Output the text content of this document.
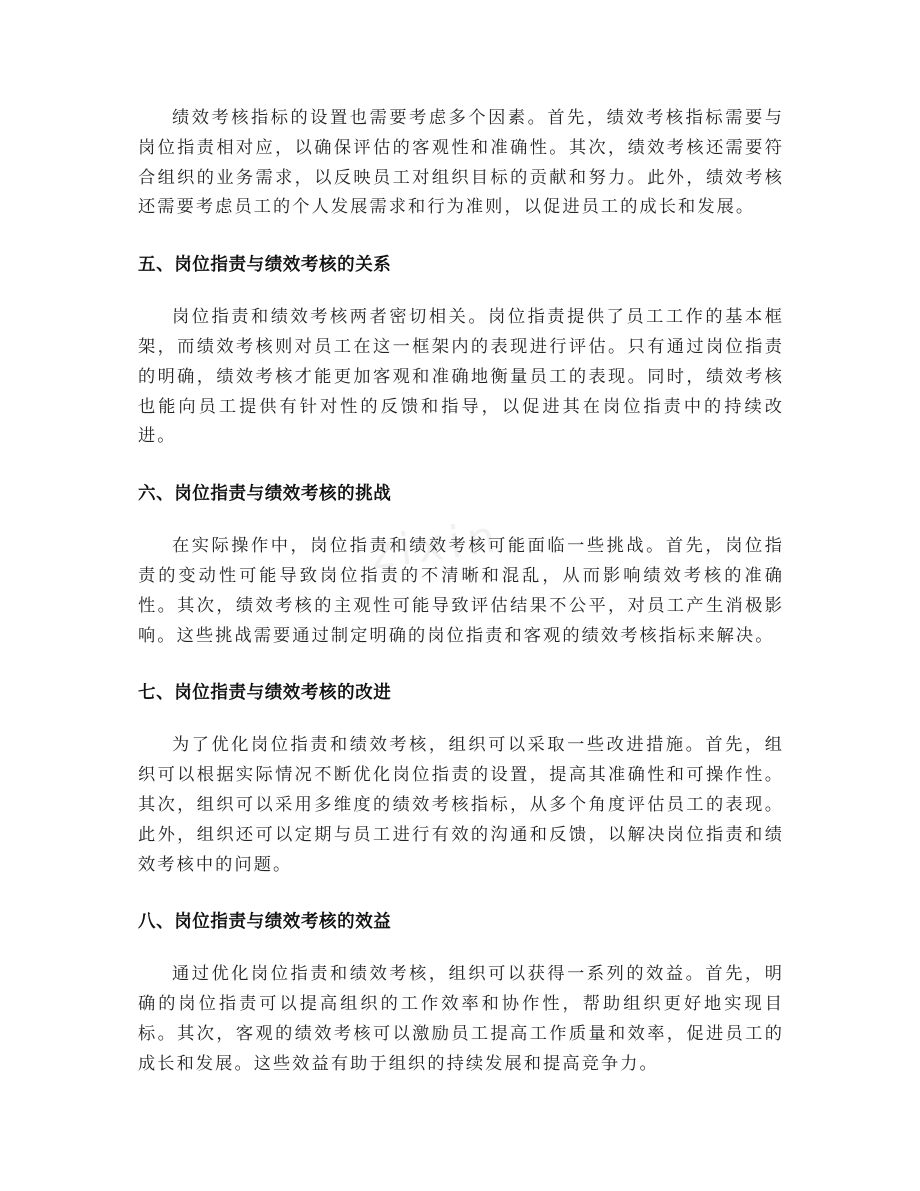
zixin

绩效考核指标的设置也需要考虑多个因素。首先，绩效考核指标需要与岗位指责相对应，以确保评估的客观性和准确性。其次，绩效考核还需要符合组织的业务需求，以反映员工对组织目标的贡献和努力。此外，绩效考核还需要考虑员工的个人发展需求和行为准则，以促进员工的成长和发展。

五、岗位指责与绩效考核的关系

岗位指责和绩效考核两者密切相关。岗位指责提供了员工工作的基本框架，而绩效考核则对员工在这一框架内的表现进行评估。只有通过岗位指责的明确，绩效考核才能更加客观和准确地衡量员工的表现。同时，绩效考核也能向员工提供有针对性的反馈和指导，以促进其在岗位指责中的持续改进。

六、岗位指责与绩效考核的挑战

在实际操作中，岗位指责和绩效考核可能面临一些挑战。首先，岗位指责的变动性可能导致岗位指责的不清晰和混乱，从而影响绩效考核的准确性。其次，绩效考核的主观性可能导致评估结果不公平，对员工产生消极影响。这些挑战需要通过制定明确的岗位指责和客观的绩效考核指标来解决。

七、岗位指责与绩效考核的改进

为了优化岗位指责和绩效考核，组织可以采取一些改进措施。首先，组织可以根据实际情况不断优化岗位指责的设置，提高其准确性和可操作性。其次，组织可以采用多维度的绩效考核指标，从多个角度评估员工的表现。此外，组织还可以定期与员工进行有效的沟通和反馈，以解决岗位指责和绩效考核中的问题。

八、岗位指责与绩效考核的效益

通过优化岗位指责和绩效考核，组织可以获得一系列的效益。首先，明确的岗位指责可以提高组织的工作效率和协作性，帮助组织更好地实现目标。其次，客观的绩效考核可以激励员工提高工作质量和效率，促进员工的成长和发展。这些效益有助于组织的持续发展和提高竞争力。
